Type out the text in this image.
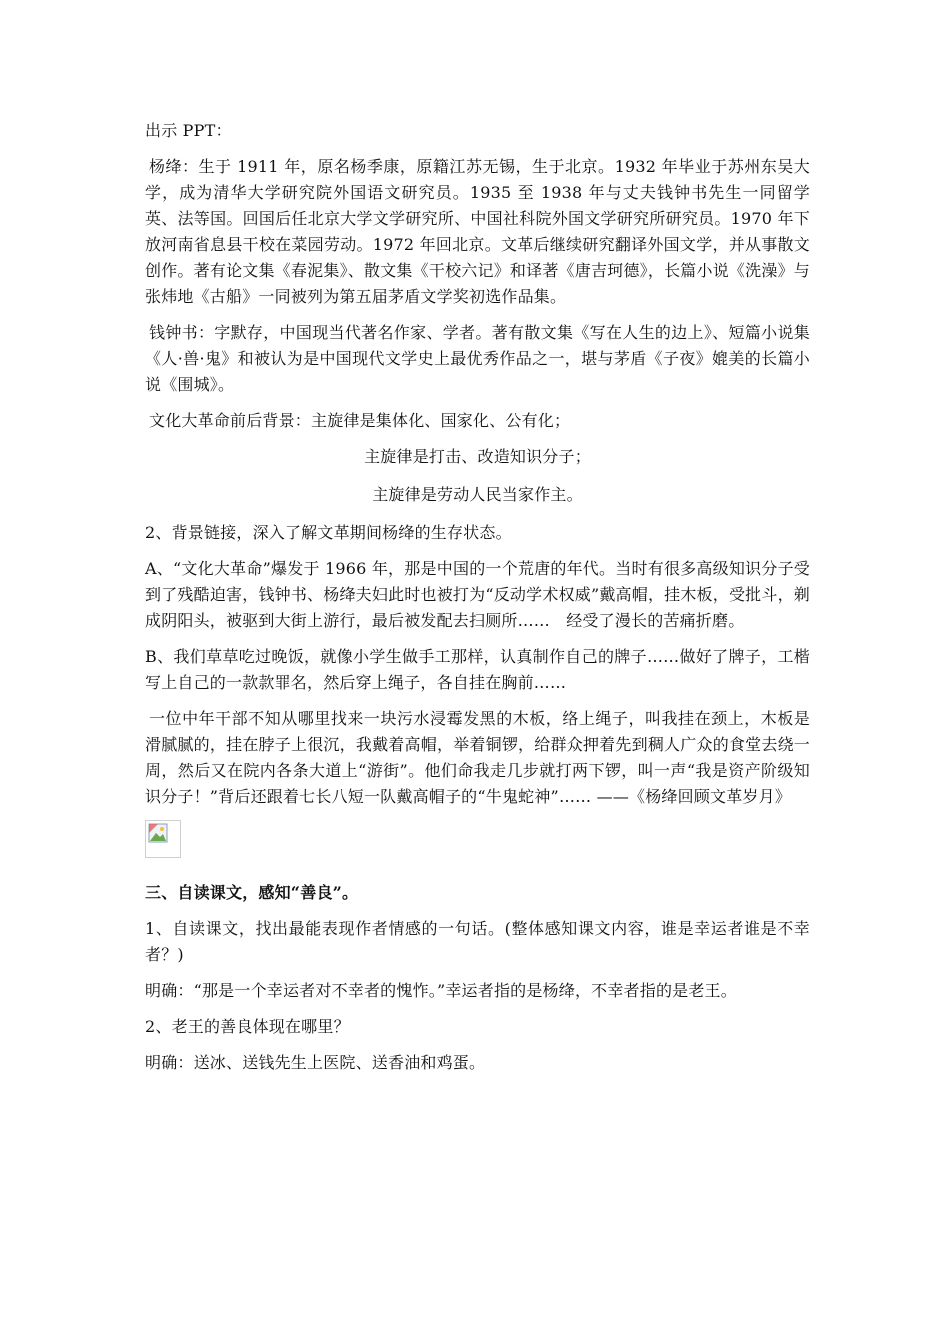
出示 PPT：

杨绛：生于 1911 年，原名杨季康，原籍江苏无锡，生于北京。1932 年毕业于苏州东吴大学，成为清华大学研究院外国语文研究员。1935 至 1938 年与丈夫钱钟书先生一同留学英、法等国。回国后任北京大学文学研究所、中国社科院外国文学研究所研究员。1970 年下放河南省息县干校在菜园劳动。1972 年回北京。文革后继续研究翻译外国文学，并从事散文创作。著有论文集《春泥集》、散文集《干校六记》和译著《唐吉珂德》，长篇小说《洗澡》与张炜地《古船》一同被列为第五届茅盾文学奖初选作品集。

钱钟书：字默存，中国现当代著名作家、学者。著有散文集《写在人生的边上》、短篇小说集《人·兽·鬼》和被认为是中国现代文学史上最优秀作品之一，堪与茅盾《子夜》媲美的长篇小说《围城》。

文化大革命前后背景：主旋律是集体化、国家化、公有化；

主旋律是打击、改造知识分子；

主旋律是劳动人民当家作主。

2、背景链接，深入了解文革期间杨绛的生存状态。

A、“文化大革命”爆发于 1966 年，那是中国的一个荒唐的年代。当时有很多高级知识分子受到了残酷迫害，钱钟书、杨绛夫妇此时也被打为“反动学术权威”戴高帽，挂木板，受批斗，剃成阴阳头，被驱到大街上游行，最后被发配去扫厕所……　经受了漫长的苦痛折磨。

B、我们草草吃过晚饭，就像小学生做手工那样，认真制作自己的牌子……做好了牌子，工楷写上自己的一款款罪名，然后穿上绳子，各自挂在胸前……

一位中年干部不知从哪里找来一块污水浸霉发黑的木板，络上绳子，叫我挂在颈上，木板是滑腻腻的，挂在脖子上很沉，我戴着高帽，举着铜锣，给群众押着先到稠人广众的食堂去绕一周，然后又在院内各条大道上“游街”。他们命我走几步就打两下锣，叫一声“我是资产阶级知识分子！”背后还跟着七长八短一队戴高帽子的“牛鬼蛇神”…… ——《杨绛回顾文革岁月》

三、自读课文，感知“善良”。

1、自读课文，找出最能表现作者情感的一句话。(整体感知课文内容，谁是幸运者谁是不幸者？)

明确：“那是一个幸运者对不幸者的愧怍。”幸运者指的是杨绛，不幸者指的是老王。

2、老王的善良体现在哪里？

明确：送冰、送钱先生上医院、送香油和鸡蛋。
